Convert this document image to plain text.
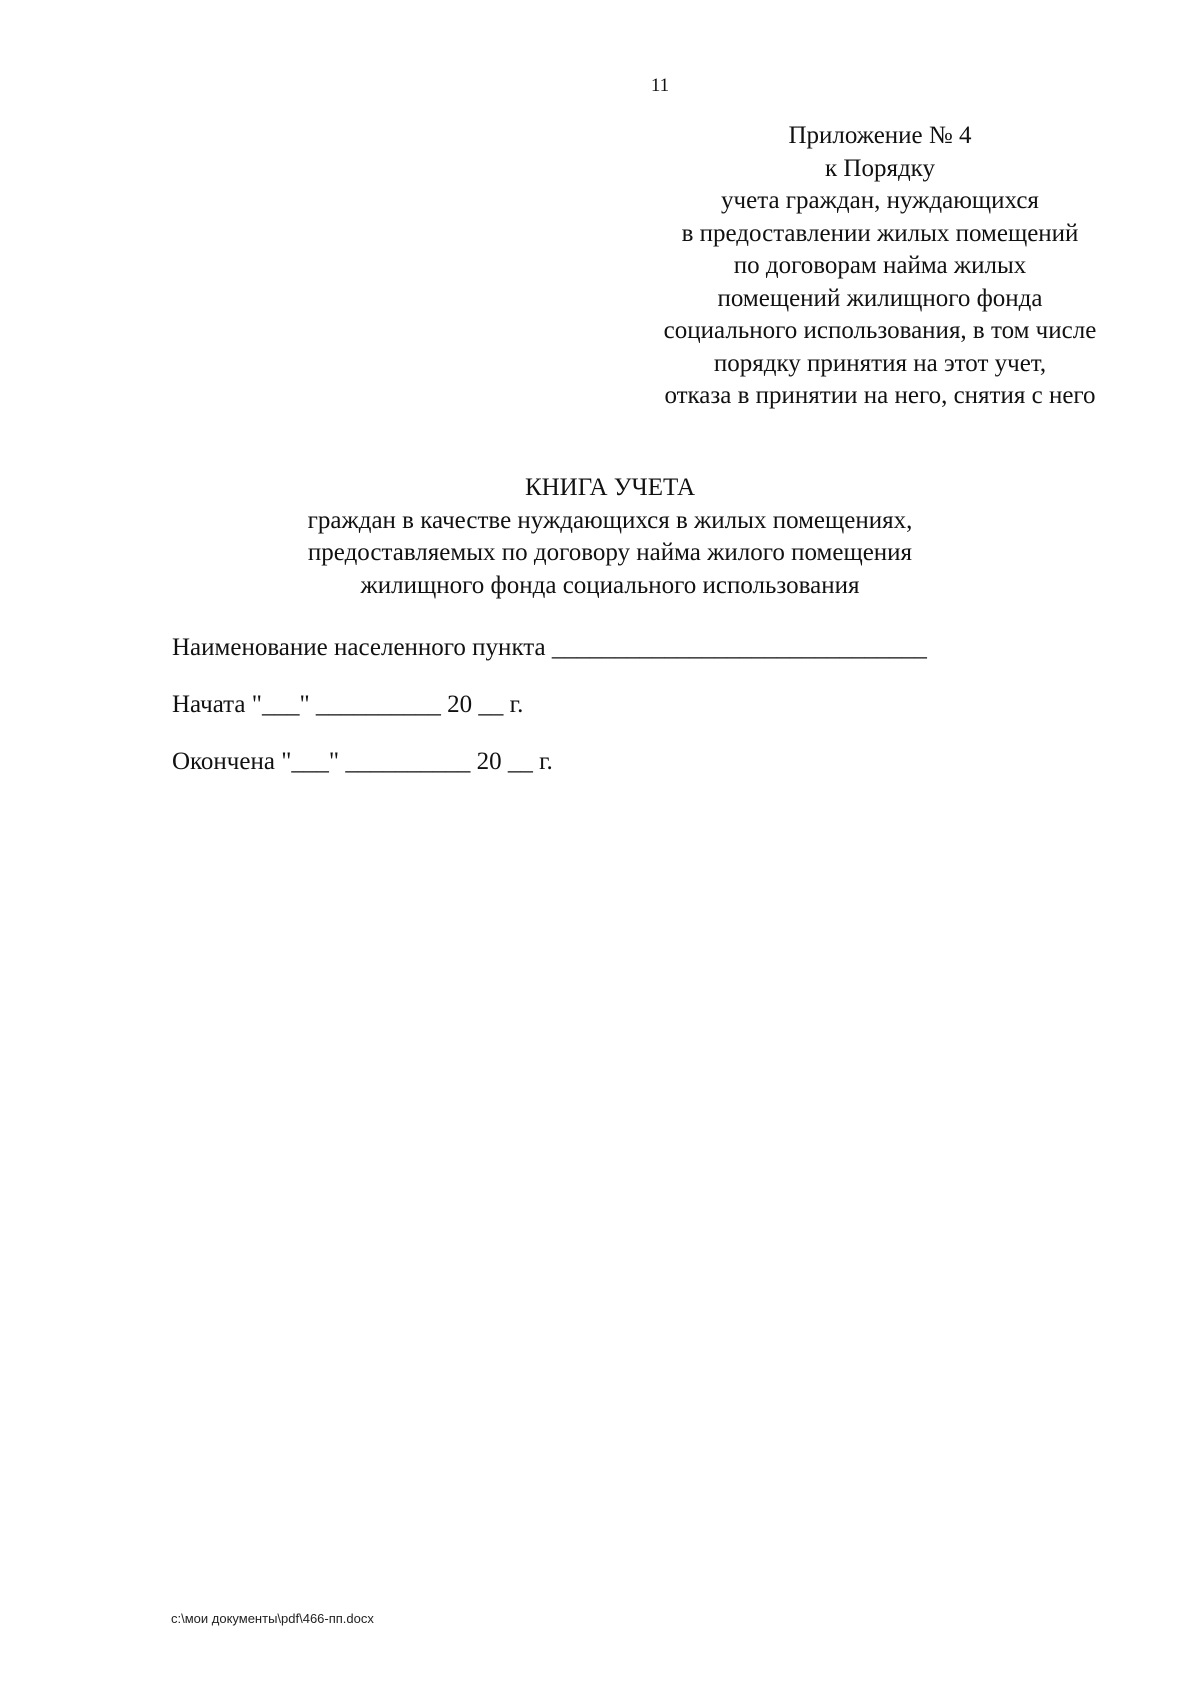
11
Приложение № 4
к Порядку
учета граждан, нуждающихся
в предоставлении жилых помещений
по договорам найма жилых
помещений жилищного фонда
социального использования, в том числе
порядку принятия на этот учет,
отказа в принятии на него, снятия с него
КНИГА УЧЕТА
граждан в качестве нуждающихся в жилых помещениях,
предоставляемых по договору найма жилого помещения
жилищного фонда социального использования
Наименование населенного пункта ______________________________
Начата "___" __________ 20 __ г.
Окончена "___" __________ 20 __ г.
c:\мои документы\pdf\466-пп.docx
